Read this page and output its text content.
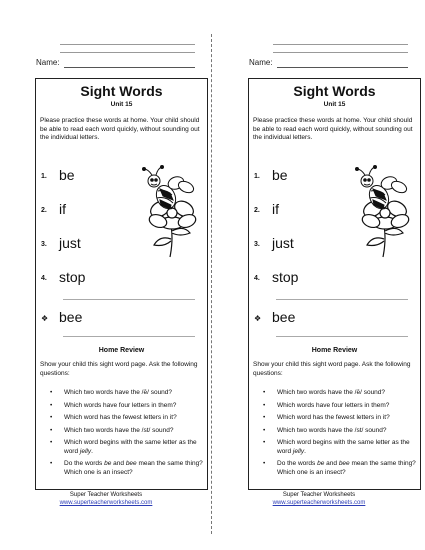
Name:
Sight Words
Unit 15
Please practice these words at home. Your child should be able to read each word quickly, without sounding out the individual letters.
1. be
2. if
3. just
4. stop
❖ bee
Home Review
Show your child this sight word page. Ask the following questions:
• Which two words have the /ē/ sound?
• Which words have four letters in them?
• Which word has the fewest letters in it?
• Which two words have the /st/ sound?
• Which word begins with the same letter as the word jelly.
• Do the words be and bee mean the same thing? Which one is an insect?
Super Teacher Worksheets
www.superteacherworksheets.com
Name:
Sight Words
Unit 15
Please practice these words at home. Your child should be able to read each word quickly, without sounding out the individual letters.
1. be
2. if
3. just
4. stop
❖ bee
Home Review
Show your child this sight word page. Ask the following questions:
• Which two words have the /ē/ sound?
• Which words have four letters in them?
• Which word has the fewest letters in it?
• Which two words have the /st/ sound?
• Which word begins with the same letter as the word jelly.
• Do the words be and bee mean the same thing? Which one is an insect?
Super Teacher Worksheets
www.superteacherworksheets.com
